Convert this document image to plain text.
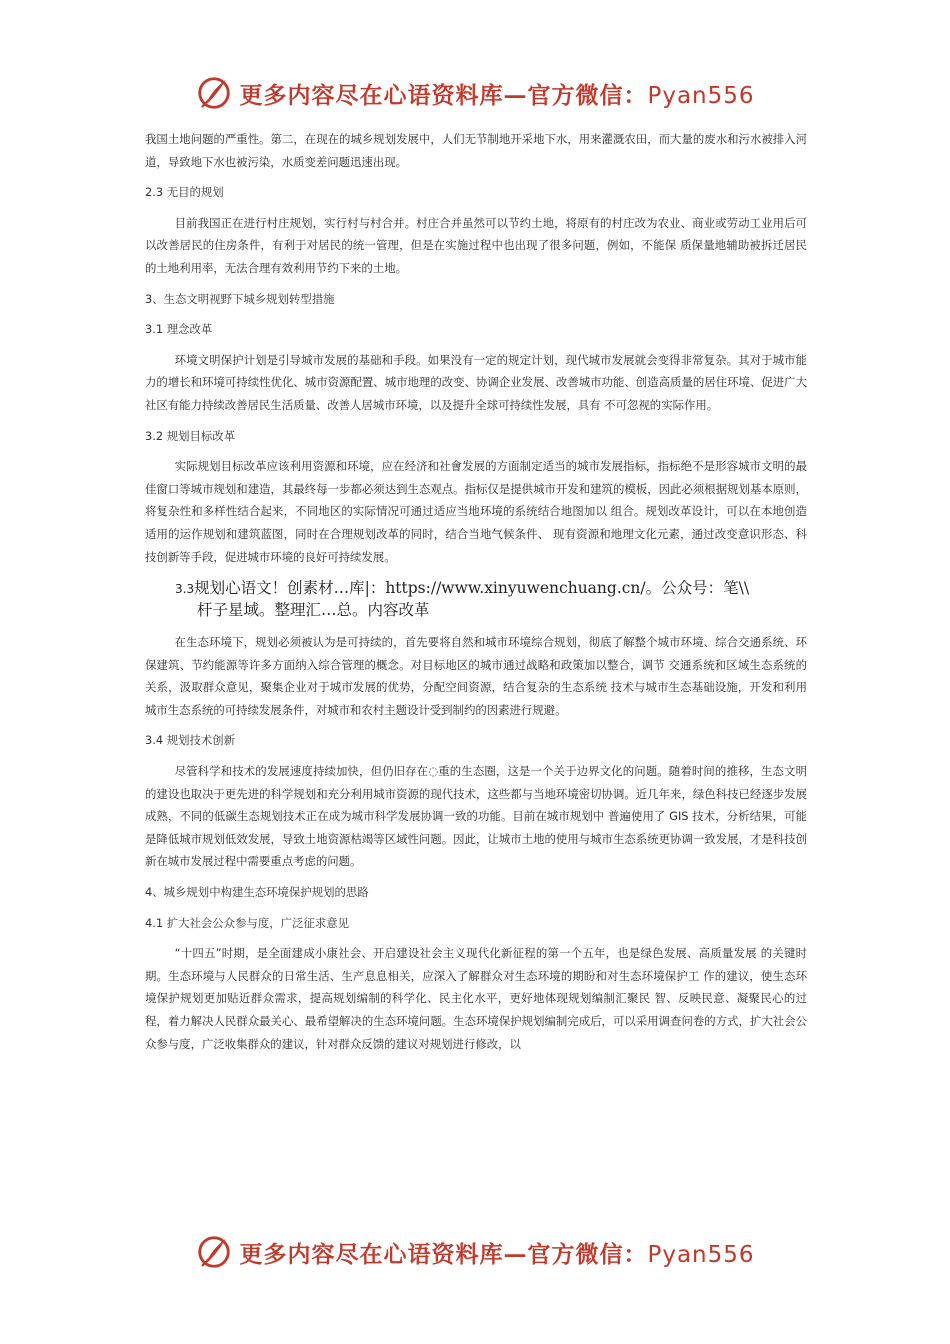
更多内容尽在心语资料库—官方微信：Pyan556

我国土地问题的严重性。第二，在现在的城乡规划发展中，人们无节制地开采地下水，用来灌溉农田，而大量的废水和污水被排入河道，导致地下水也被污染，水质变差问题迅速出现。

2.3 无目的规划

目前我国正在进行村庄规划，实行村与村合并。村庄合并虽然可以节约土地，将原有的村庄改为农业、商业或劳动工业用后可以改善居民的住房条件，有利于对居民的统一管理，但是在实施过程中也出现了很多问题，例如，不能保 质保量地辅助被拆迁居民的土地利用率，无法合理有效利用节约下来的土地。

3、生态文明视野下城乡规划转型措施

3.1 理念改革

环境文明保护计划是引导城市发展的基础和手段。如果没有一定的规定计划，现代城市发展就会变得非常复杂。其对于城市能力的增长和环境可持续性优化、城市资源配置、城市地理的改变、协调企业发展、改善城市功能、创造高质量的居住环境、促进广大社区有能力持续改善居民生活质量、改善人居城市环境，以及提升全球可持续性发展，具有 不可忽视的实际作用。

3.2 规划目标改革

实际规划目标改革应该利用资源和环境，应在经济和社會发展的方面制定适当的城市发展指标，指标绝不是形容城市文明的最佳窗口等城市规划和建造，其最终每一步都必须达到生态观点。指标仅是提供城市开发和建筑的模板，因此必须根据规划基本原则，将复杂性和多样性结合起来，不同地区的实际情况可通过适应当地环境的系统结合地图加以 组合。规划改革设计，可以在本地创造适用的运作规划和建筑蓝图，同时在合理规划改革的同时，结合当地气候条件、 现有资源和地理文化元素，通过改变意识形态、科技创新等手段，促进城市环境的良好可持续发展。

3.3规划心语文！创素材…库|：https://www.xinyuwenchuang.cn/。公众号：笔\\
杆子星域。整理汇…总。内容改革

在生态环境下，规划必须被认为是可持续的，首先要将自然和城市环境综合规划，彻底了解整个城市环境、综合交通系统、环保建筑、节约能源等许多方面纳入综合管理的概念。对目标地区的城市通过战略和政策加以整合，调节 交通系统和区域生态系统的关系，汲取群众意见，聚集企业对于城市发展的优势，分配空间资源，结合复杂的生态系统 技术与城市生态基础设施，开发和利用城市生态系统的可持续发展条件，对城市和农村主题设计受到制约的因素进行规避。

3.4 规划技术创新

尽管科学和技术的发展速度持续加快，但仍旧存在◌重的生态圈，这是一个关于边界文化的问题。随着时间的推移，生态文明的建设也取决于更先进的科学规划和充分利用城市资源的现代技术，这些都与当地环境密切协调。近几年来，绿色科技已经逐步发展成熟，不同的低碳生态规划技术正在成为城市科学发展协调一致的功能。目前在城市规划中 普遍使用了 GIS 技术，分析结果，可能是降低城市规划低效发展，导致土地资源枯竭等区域性问题。因此，让城市土地的使用与城市生态系统更协调一致发展，才是科技创新在城市发展过程中需要重点考虑的问题。

4、城乡规划中构建生态环境保护规划的思路

4.1 扩大社会公众参与度，广泛征求意见

“十四五”时期，是全面建成小康社会、开启建设社会主义现代化新征程的第一个五年，也是绿色发展、高质量发展 的关键时期。生态环境与人民群众的日常生活、生产息息相关，应深入了解群众对生态环境的期盼和对生态环境保护工 作的建议，使生态环境保护规划更加贴近群众需求，提高规划编制的科学化、民主化水平，更好地体现规划编制汇聚民 智、反映民意、凝聚民心的过程，着力解决人民群众最关心、最希望解决的生态环境问题。生态环境保护规划编制完成后，可以采用调查问卷的方式，扩大社会公众参与度，广泛收集群众的建议，针对群众反馈的建议对规划进行修改，以

更多内容尽在心语资料库—官方微信：Pyan556
